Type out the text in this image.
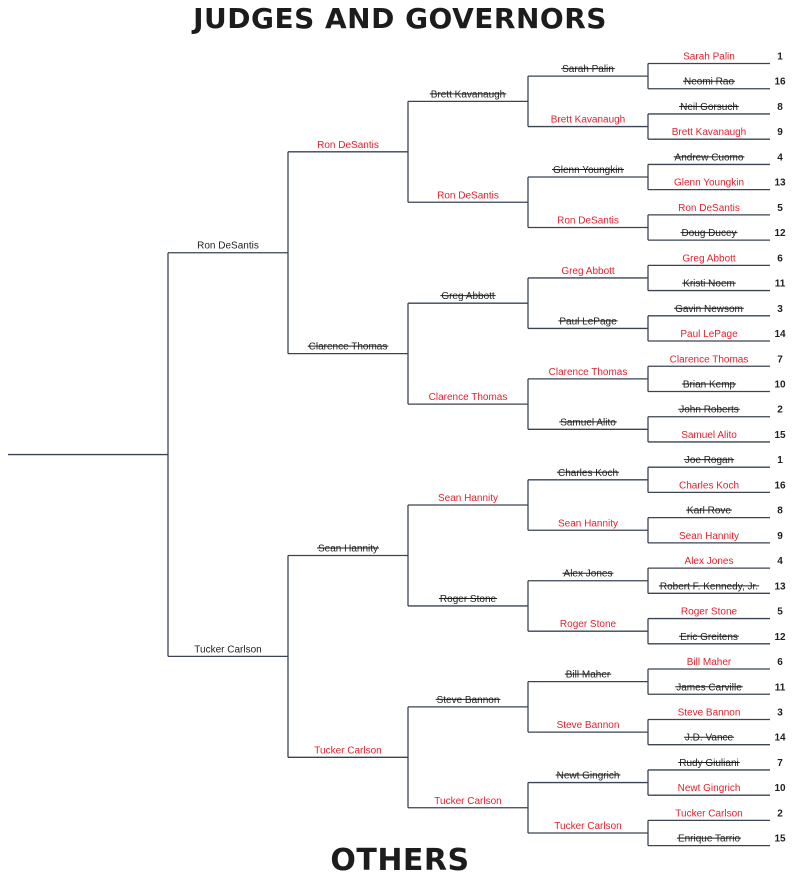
JUDGES AND GOVERNORS
Sarah Palin	1
Neomi Rao	16
Neil Gorsuch	8
Brett Kavanaugh	9
Andrew Cuomo	4
Glenn Youngkin	13
Ron DeSantis	5
Doug Ducey	12
Greg Abbott	6
Kristi Noem	11
Gavin Newsom	3
Paul LePage	14
Clarence Thomas	7
Brian Kemp	10
John Roberts	2
Samuel Alito	15
Joe Rogan	1
Charles Koch	16
Karl Rove	8
Sean Hannity	9
Alex Jones	4
Robert F. Kennedy, Jr. 13
Roger Stone	5
Eric Greitens	12
Bill Maher	6
James Carville	11
Steve Bannon	3
J.D. Vance	14
Rudy Giuliani	7
Newt Gingrich	10
Tucker Carlson	2
Enrique Tarrio	15
Sarah Palin
Brett Kavanaugh
Glenn Youngkin
Ron DeSantis
Greg Abbott
Paul LePage
Clarence Thomas
Samuel Alito
Charles Koch
Sean Hannity
Alex Jones
Roger Stone
Bill Maher
Steve Bannon
Newt Gingrich
Tucker Carlson
Brett Kavanaugh
Ron DeSantis
Greg Abbott
Clarence Thomas
Sean Hannity
Roger Stone
Steve Bannon
Tucker Carlson
Ron DeSantis
Clarence Thomas
Sean Hannity
Tucker Carlson
Ron DeSantis
Tucker Carlson
OTHERS
